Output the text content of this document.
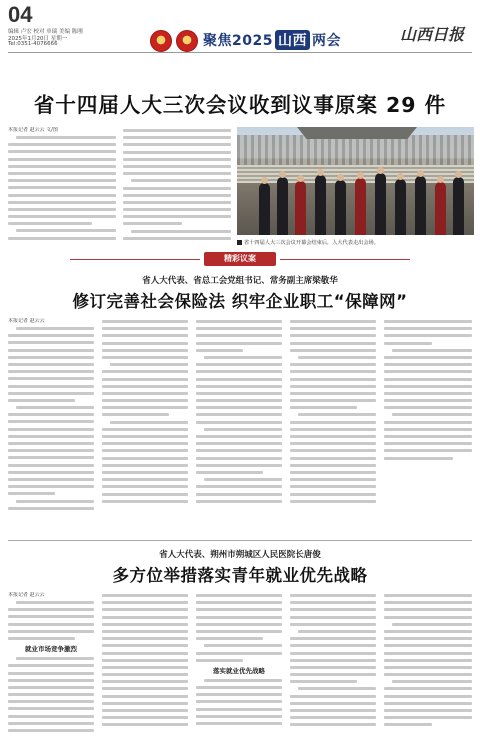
04
编辑 卢宏 校对 单瑞 美编 陈刚
2025年1月20日 星期一
Tel:0351-4076666	聚焦2025 山西 两会	山西日报
省十四届人大三次会议收到议事原案 29 件
本报记者 赵云云 文/图
省十四届人大三次会议开幕会结束后，人大代表走出会场。
精彩议案
省人大代表、省总工会党组书记、常务副主席梁敬华
修订完善社会保险法 织牢企业职工“保障网”
本报记者 赵云云
省人大代表、朔州市朔城区人民医院长唐俊
多方位举措落实青年就业优先战略
本报记者 赵云云
就业市场竞争激烈
落实就业优先战略
